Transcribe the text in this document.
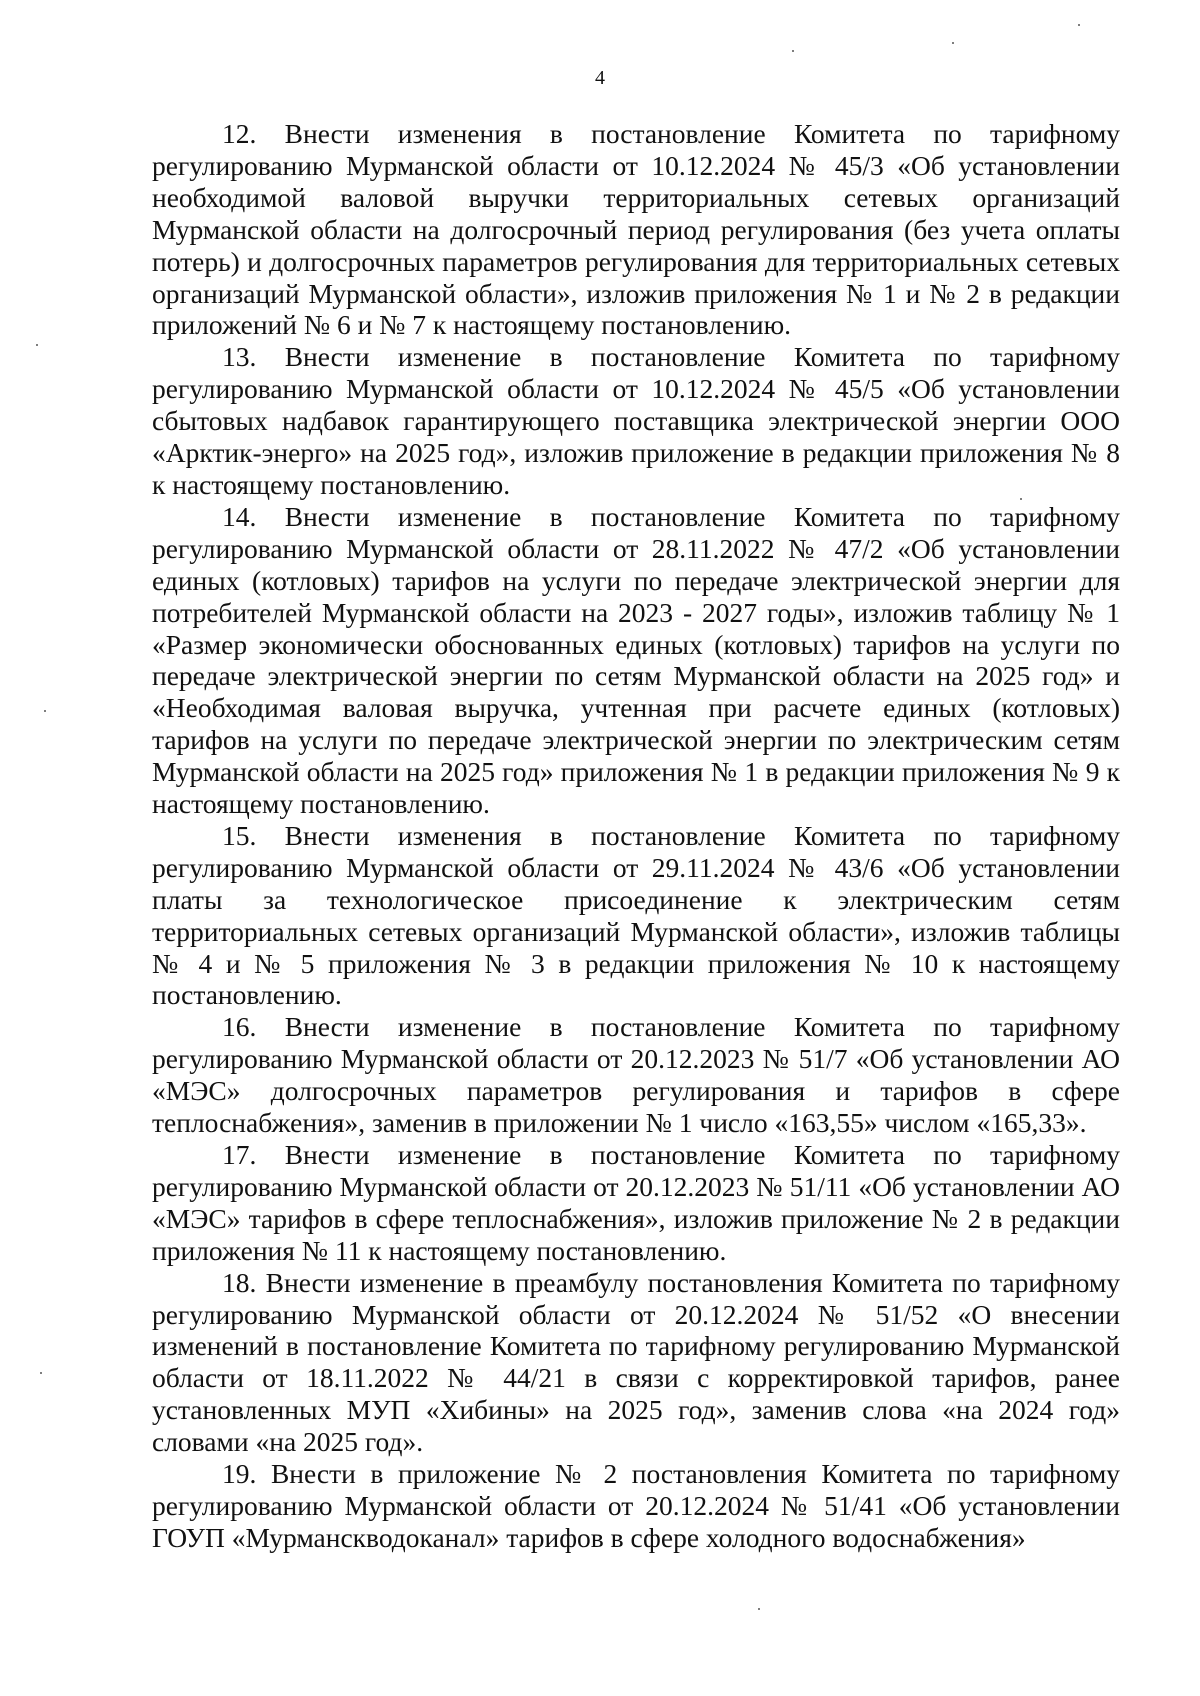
4

12. Внести изменения в постановление Комитета по тарифному регулированию Мурманской области от 10.12.2024 № 45/3 «Об установлении необходимой валовой выручки территориальных сетевых организаций Мурманской области на долгосрочный период регулирования (без учета оплаты потерь) и долгосрочных параметров регулирования для территориальных сетевых организаций Мурманской области», изложив приложения № 1 и № 2 в редакции приложений № 6 и № 7 к настоящему постановлению.

13. Внести изменение в постановление Комитета по тарифному регулированию Мурманской области от 10.12.2024 № 45/5 «Об установлении сбытовых надбавок гарантирующего поставщика электрической энергии ООО «Арктик-энерго» на 2025 год», изложив приложение в редакции приложения № 8 к настоящему постановлению.

14. Внести изменение в постановление Комитета по тарифному регулированию Мурманской области от 28.11.2022 № 47/2 «Об установлении единых (котловых) тарифов на услуги по передаче электрической энергии для потребителей Мурманской области на 2023 - 2027 годы», изложив таблицу № 1 «Размер экономически обоснованных единых (котловых) тарифов на услуги по передаче электрической энергии по сетям Мурманской области на 2025 год» и «Необходимая валовая выручка, учтенная при расчете единых (котловых) тарифов на услуги по передаче электрической энергии по электрическим сетям Мурманской области на 2025 год» приложения № 1 в редакции приложения № 9 к настоящему постановлению.

15. Внести изменения в постановление Комитета по тарифному регулированию Мурманской области от 29.11.2024 № 43/6 «Об установлении платы за технологическое присоединение к электрическим сетям территориальных сетевых организаций Мурманской области», изложив таблицы № 4 и № 5 приложения № 3 в редакции приложения № 10 к настоящему постановлению.

16. Внести изменение в постановление Комитета по тарифному регулированию Мурманской области от 20.12.2023 № 51/7 «Об установлении АО «МЭС» долгосрочных параметров регулирования и тарифов в сфере теплоснабжения», заменив в приложении № 1 число «163,55» числом «165,33».

17. Внести изменение в постановление Комитета по тарифному регулированию Мурманской области от 20.12.2023 № 51/11 «Об установлении АО «МЭС» тарифов в сфере теплоснабжения», изложив приложение № 2 в редакции приложения № 11 к настоящему постановлению.

18. Внести изменение в преамбулу постановления Комитета по тарифному регулированию Мурманской области от 20.12.2024 № 51/52 «О внесении изменений в постановление Комитета по тарифному регулированию Мурманской области от 18.11.2022 № 44/21 в связи с корректировкой тарифов, ранее установленных МУП «Хибины» на 2025 год», заменив слова «на 2024 год» словами «на 2025 год».

19. Внести в приложение № 2 постановления Комитета по тарифному регулированию Мурманской области от 20.12.2024 № 51/41 «Об установлении ГОУП «Мурманскводоканал» тарифов в сфере холодного водоснабжения»
